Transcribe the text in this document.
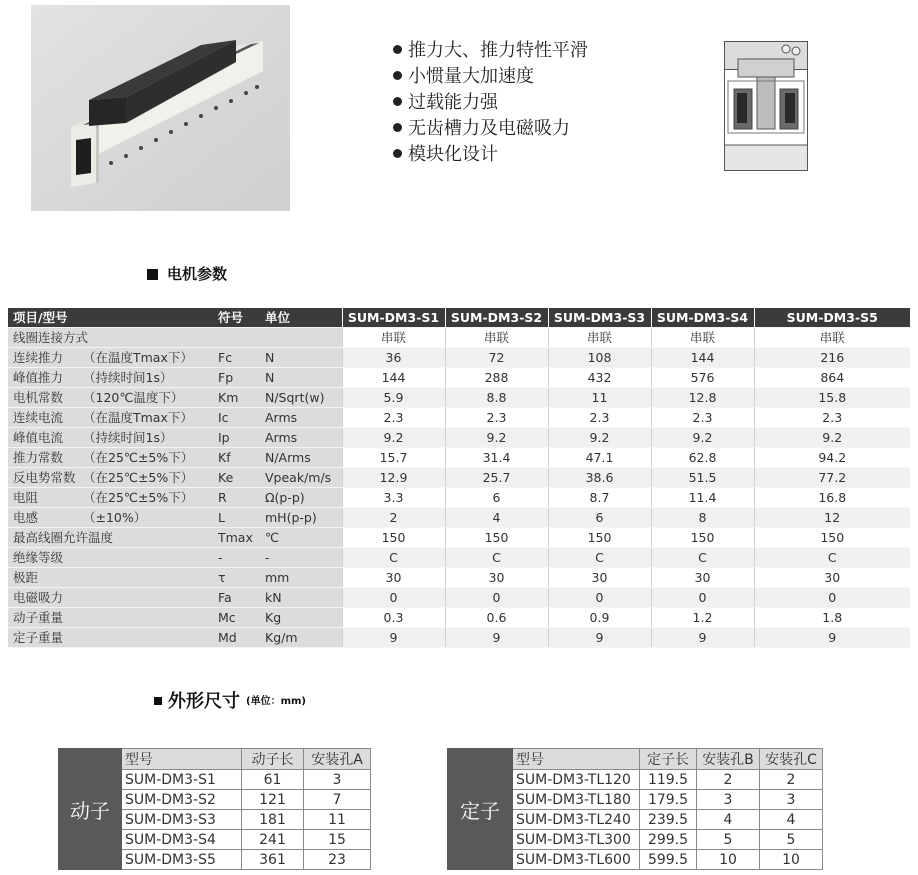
推力大、推力特性平滑
小惯量大加速度
过载能力强
无齿槽力及电磁吸力
模块化设计
电机参数
项目/型号	符号	单位	SUM-DM3-S1	SUM-DM3-S2	SUM-DM3-S3	SUM-DM3-S4	SUM-DM3-S5
线圈连接方式			串联	串联	串联	串联	串联
连续推力 （在温度Tmax下）	Fc	N	36	72	108	144	216
峰值推力 （持续时间1s）	Fp	N	144	288	432	576	864
电机常数 （120℃温度下）	Km	N/Sqrt(w)	5.9	8.8	11	12.8	15.8
连续电流 （在温度Tmax下）	Ic	Arms	2.3	2.3	2.3	2.3	2.3
峰值电流 （持续时间1s）	Ip	Arms	9.2	9.2	9.2	9.2	9.2
推力常数 （在25℃±5%下）	Kf	N/Arms	15.7	31.4	47.1	62.8	94.2
反电势常数 （在25℃±5%下）	Ke	Vpeak/m/s	12.9	25.7	38.6	51.5	77.2
电阻 （在25℃±5%下）	R	Ω(p-p)	3.3	6	8.7	11.4	16.8
电感 （±10%）	L	mH(p-p)	2	4	6	8	12
最高线圈允许温度	Tmax	℃	150	150	150	150	150
绝缘等级	-	-	C	C	C	C	C
极距	τ	mm	30	30	30	30	30
电磁吸力	Fa	kN	0	0	0	0	0
动子重量	Mc	Kg	0.3	0.6	0.9	1.2	1.8
定子重量	Md	Kg/m	9	9	9	9	9
外形尺寸 (单位：mm)
动子	型号	动子长	安装孔A
	SUM-DM3-S1	61	3
	SUM-DM3-S2	121	7
	SUM-DM3-S3	181	11
	SUM-DM3-S4	241	15
	SUM-DM3-S5	361	23
定子	型号	定子长	安装孔B	安装孔C
	SUM-DM3-TL120	119.5	2	2
	SUM-DM3-TL180	179.5	3	3
	SUM-DM3-TL240	239.5	4	4
	SUM-DM3-TL300	299.5	5	5
	SUM-DM3-TL600	599.5	10	10
